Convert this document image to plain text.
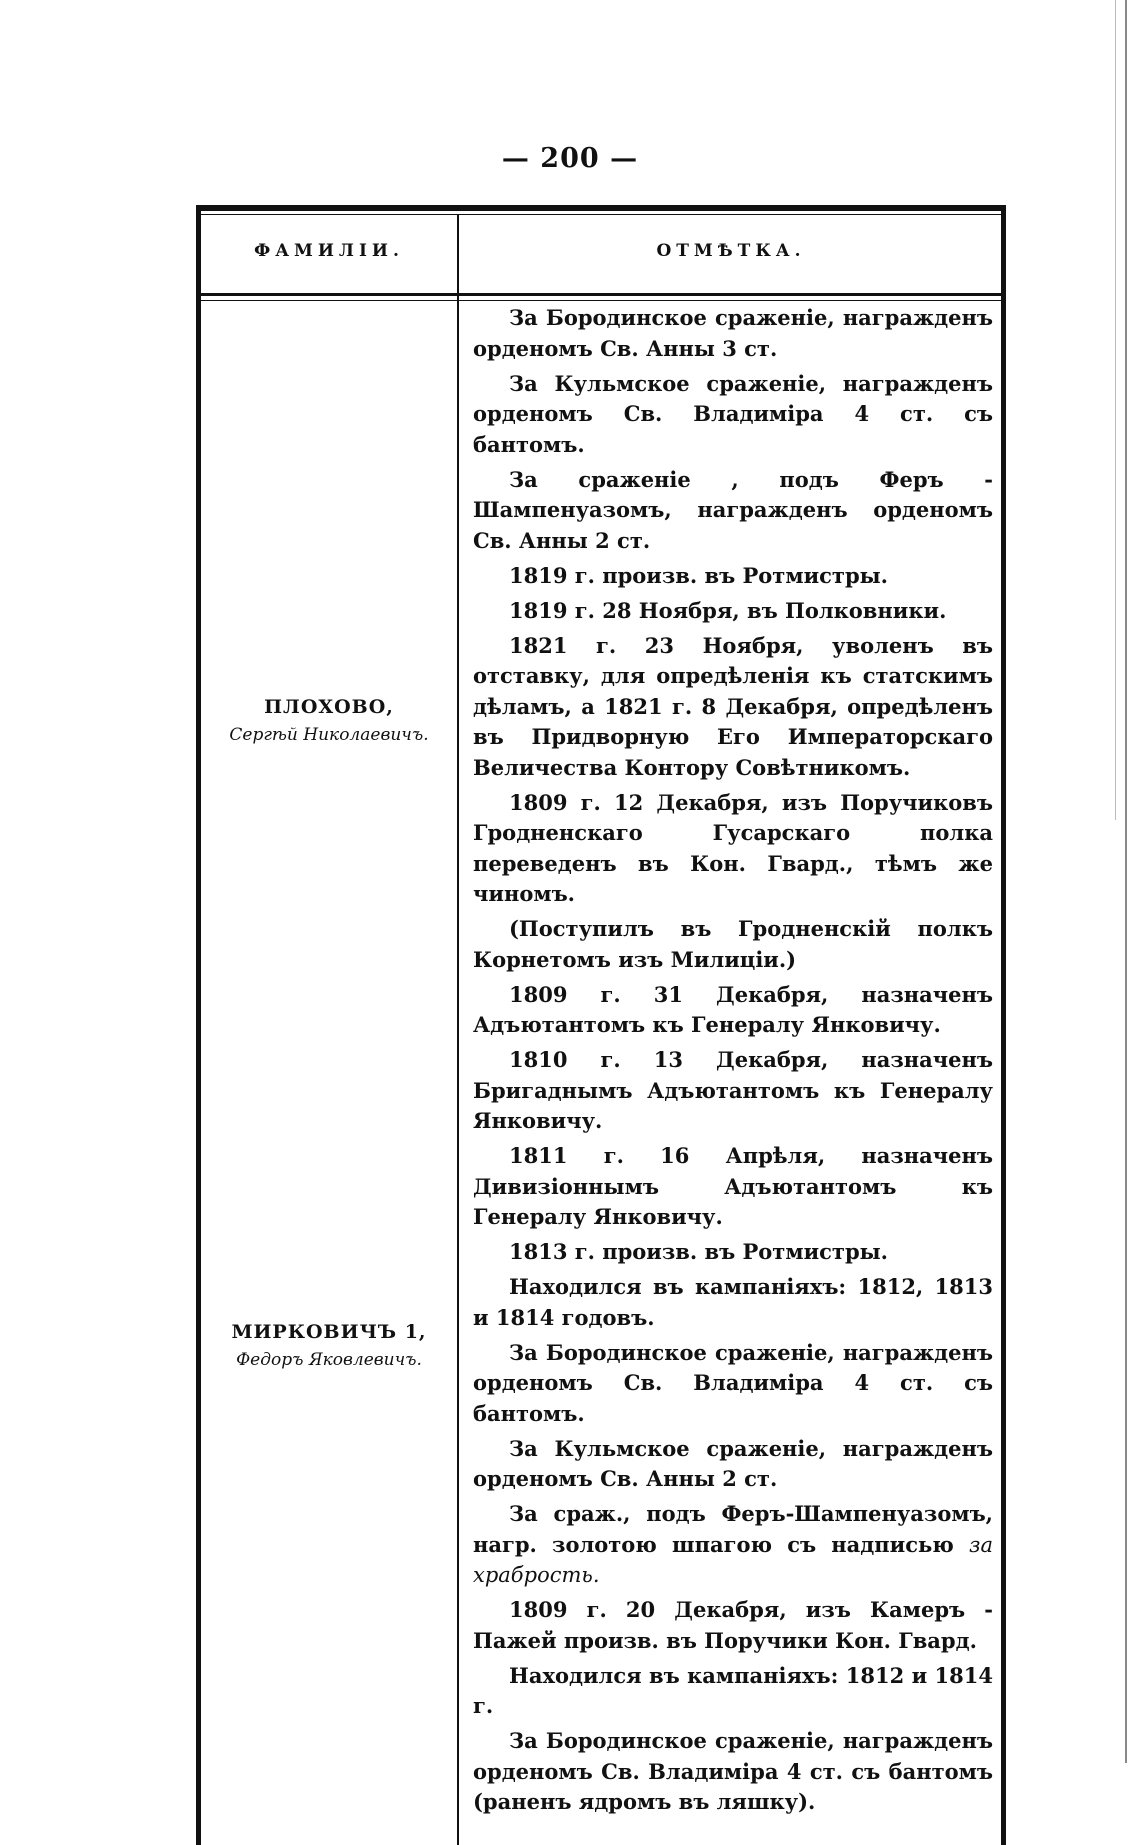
— 200 —
ФАМИЛІИ.	ОТМѢТКА.
ПЛОХОВО,
Сергѣй Николаевичъ.
МИРКОВИЧЪ 1,
Федоръ Яковлевичъ.

За Бородинское сраженіе, награжденъ орденомъ Св. Анны 3 ст.

За Кульмское сраженіе, награжденъ орденомъ Св. Владиміра 4 ст. съ бантомъ.

За сраженіе , подъ Феръ - Шампенуазомъ, награжденъ орденомъ Св. Анны 2 ст.

1819 г. произв. въ Ротмистры.

1819 г. 28 Ноября, въ Полковники.

1821 г. 23 Ноября, уволенъ въ отставку, для опредѣленія къ статскимъ дѣламъ, а 1821 г. 8 Декабря, опредѣленъ въ Придворную Его Императорскаго Величества Контору Совѣтникомъ.

1809 г. 12 Декабря, изъ Поручиковъ Гродненскаго Гусарскаго полка переведенъ въ Кон. Гвард., тѣмъ же чиномъ.

(Поступилъ въ Гродненскій полкъ Корнетомъ изъ Милиціи.)

1809 г. 31 Декабря, назначенъ Адъютантомъ къ Генералу Янковичу.

1810 г. 13 Декабря, назначенъ Бригаднымъ Адъютантомъ къ Генералу Янковичу.

1811 г. 16 Апрѣля, назначенъ Дивизіоннымъ Адъютантомъ къ Генералу Янковичу.

1813 г. произв. въ Ротмистры.

Находился въ кампаніяхъ: 1812, 1813 и 1814 годовъ.

За Бородинское сраженіе, награжденъ орденомъ Св. Владиміра 4 ст. съ бантомъ.

За Кульмское сраженіе, награжденъ орденомъ Св. Анны 2 ст.

За сраж., подъ Феръ-Шампенуазомъ, нагр. золотою шпагою съ надписью за храбрость.

1809 г. 20 Декабря, изъ Камеръ - Пажей произв. въ Поручики Кон. Гвард.

Находился въ кампаніяхъ: 1812 и 1814 г.

За Бородинское сраженіе, награжденъ орденомъ Св. Владиміра 4 ст. съ бантомъ (раненъ ядромъ въ ляшку).
